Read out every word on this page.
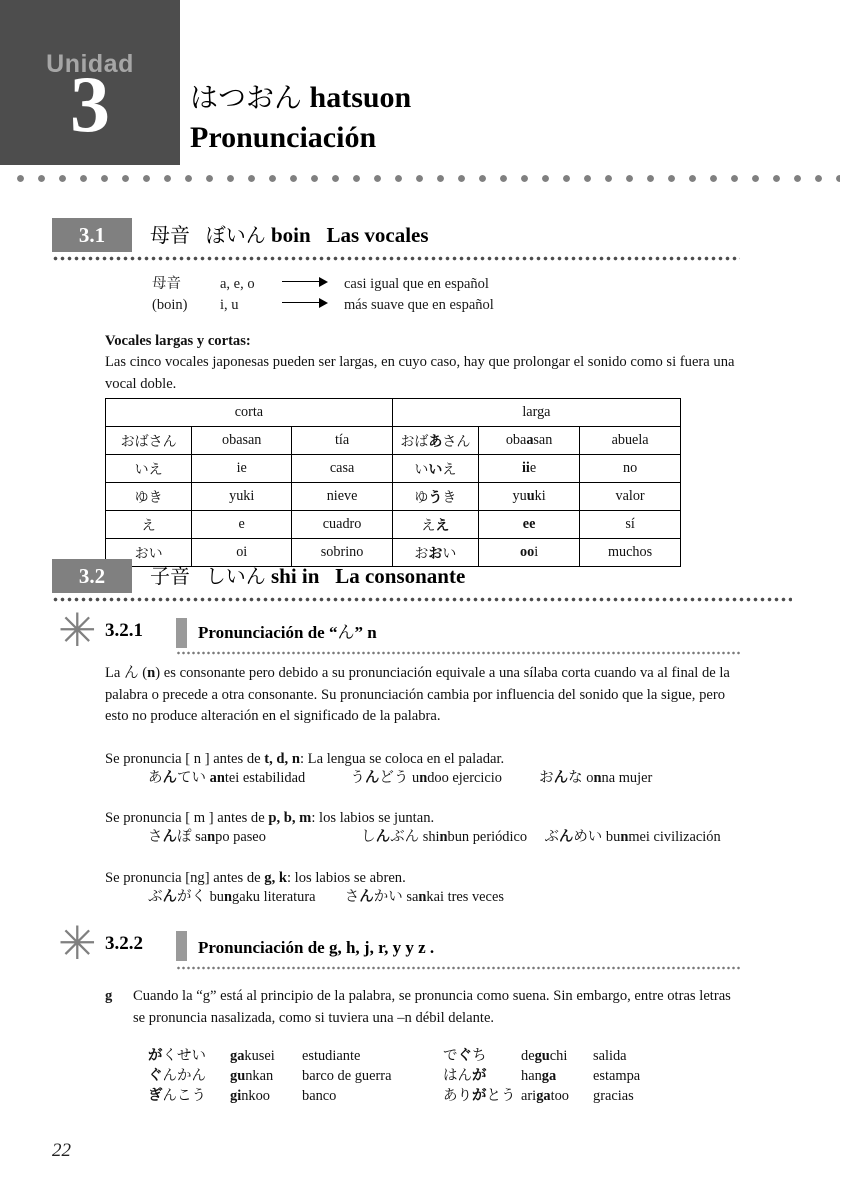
Unidad
3	はつおん hatsuon
Pronunciación
3.1	母音 ぼいん boin Las vocales
母音	a, e, o	casi igual que en español
(boin)	i, u	más suave que en español
Vocales largas y cortas:
Las cinco vocales japonesas pueden ser largas, en cuyo caso, hay que prolongar el sonido como si fuera una vocal doble.
corta			larga		
おばさん	obasan	tía	おばあさん	obaasan	abuela
いえ	ie	casa	いいえ	iie	no
ゆき	yuki	nieve	ゆうき	yuuki	valor
え	e	cuadro	ええ	ee	sí
おい	oi	sobrino	おおい	ooi	muchos
3.2	子音 しいん shi in La consonante
✳ 3.2.1	Pronunciación de “ん” n
La ん (n) es consonante pero debido a su pronunciación equivale a una sílaba corta cuando va al final de la palabra o precede a otra consonante. Su pronunciación cambia por influencia del sonido que la sigue, pero esto no produce alteración en el significado de la palabra.
Se pronuncia [ n ] antes de t, d, n: La lengua se coloca en el paladar.
あんてい antei estabilidad	うんどう undoo ejercicio	おんな onna mujer
Se pronuncia [ m ] antes de p, b, m: los labios se juntan.
さんぽ sanpo paseo	しんぶん shinbun periódico ぶんめい bunmei civilización
Se pronuncia [ng] antes de g, k: los labios se abren.
ぶんがく bungaku literatura さんかい sankai tres veces
✳ 3.2.2	Pronunciación de g, h, j, r, y y z .
g Cuando la “g” está al principio de la palabra, se pronuncia como suena. Sin embargo, entre otras letras se pronuncia nasalizada, como si tuviera una –n débil delante.
がくせい	gakusei	estudiante
ぐんかん	gunkan	barco de guerra
ぎんこう	ginkoo	banco
でぐち	deguchi	salida
はんが	hanga	estampa
ありがとう arigatoo	gracias
22
